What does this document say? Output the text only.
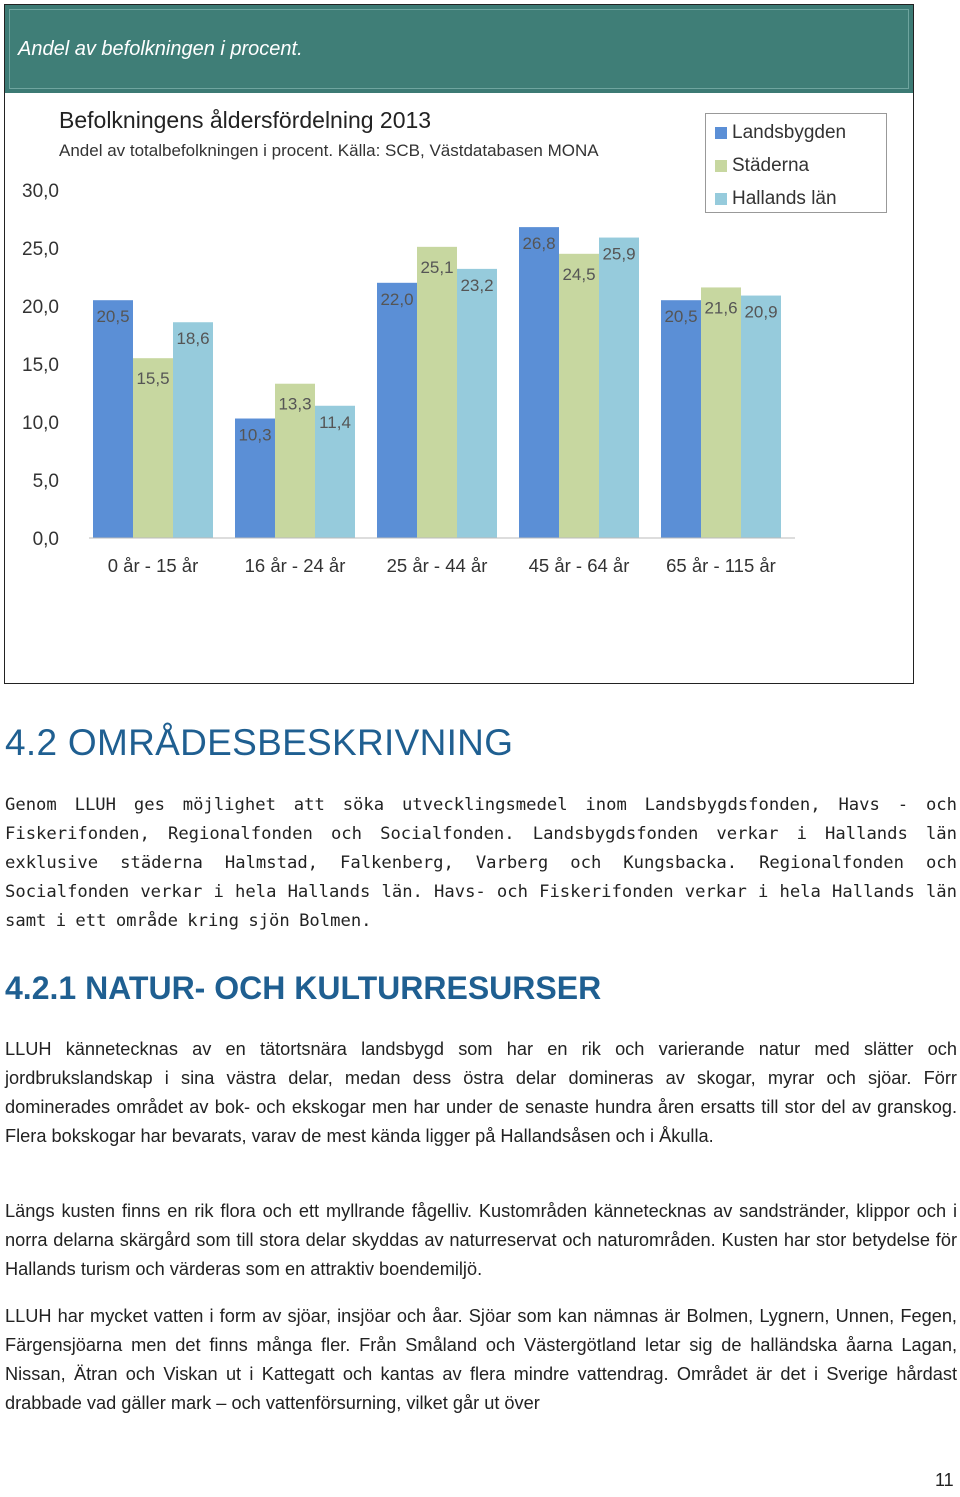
Andel av befolkningen i procent.
Befolkningens åldersfördelning 2013
Andel av totalbefolkningen i procent. Källa: SCB, Västdatabasen MONA
0,0
5,0
10,0
15,0
20,0
25,0
30,0
20,5
15,5
18,6
10,3
13,3
11,4
22,0
25,1
23,2
26,8
24,5
25,9
20,5 21,6 20,9
0 år - 15 år	16 år - 24 år 25 år - 44 år 45 år - 64 år 65 år - 115 år
Landsbygden
Städerna
Hallands län
4.2 OMRÅDESBESKRIVNING
Genom LLUH ges möjlighet att söka utvecklingsmedel inom Landsbygdsfonden, Havs - och Fiskerifonden, Regionalfonden och Socialfonden. Landsbygdsfonden verkar i Hallands län exklusive städerna Halmstad, Falkenberg, Varberg och Kungsbacka. Regionalfonden och Socialfonden verkar i hela Hallands län. Havs- och Fiskerifonden verkar i hela Hallands län samt i ett område kring sjön Bolmen.
4.2.1 NATUR- OCH KULTURRESURSER
LLUH kännetecknas av en tätortsnära landsbygd som har en rik och varierande natur med slätter och jordbrukslandskap i sina västra delar, medan dess östra delar domineras av skogar, myrar och sjöar. Förr dominerades området av bok- och ekskogar men har under de senaste hundra åren ersatts till stor del av granskog. Flera bokskogar har bevarats, varav de mest kända ligger på Hallandsåsen och i Åkulla.
Längs kusten finns en rik flora och ett myllrande fågelliv. Kustområden kännetecknas av sandstränder, klippor och i norra delarna skärgård som till stora delar skyddas av naturreservat och naturområden. Kusten har stor betydelse för Hallands turism och värderas som en attraktiv boendemiljö.
LLUH har mycket vatten i form av sjöar, insjöar och åar. Sjöar som kan nämnas är Bolmen, Lygnern, Unnen, Fegen, Färgensjöarna men det finns många fler. Från Småland och Västergötland letar sig de halländska åarna Lagan, Nissan, Ätran och Viskan ut i Kattegatt och kantas av flera mindre vattendrag. Området är det i Sverige hårdast drabbade vad gäller mark – och vattenförsurning, vilket går ut över
11
